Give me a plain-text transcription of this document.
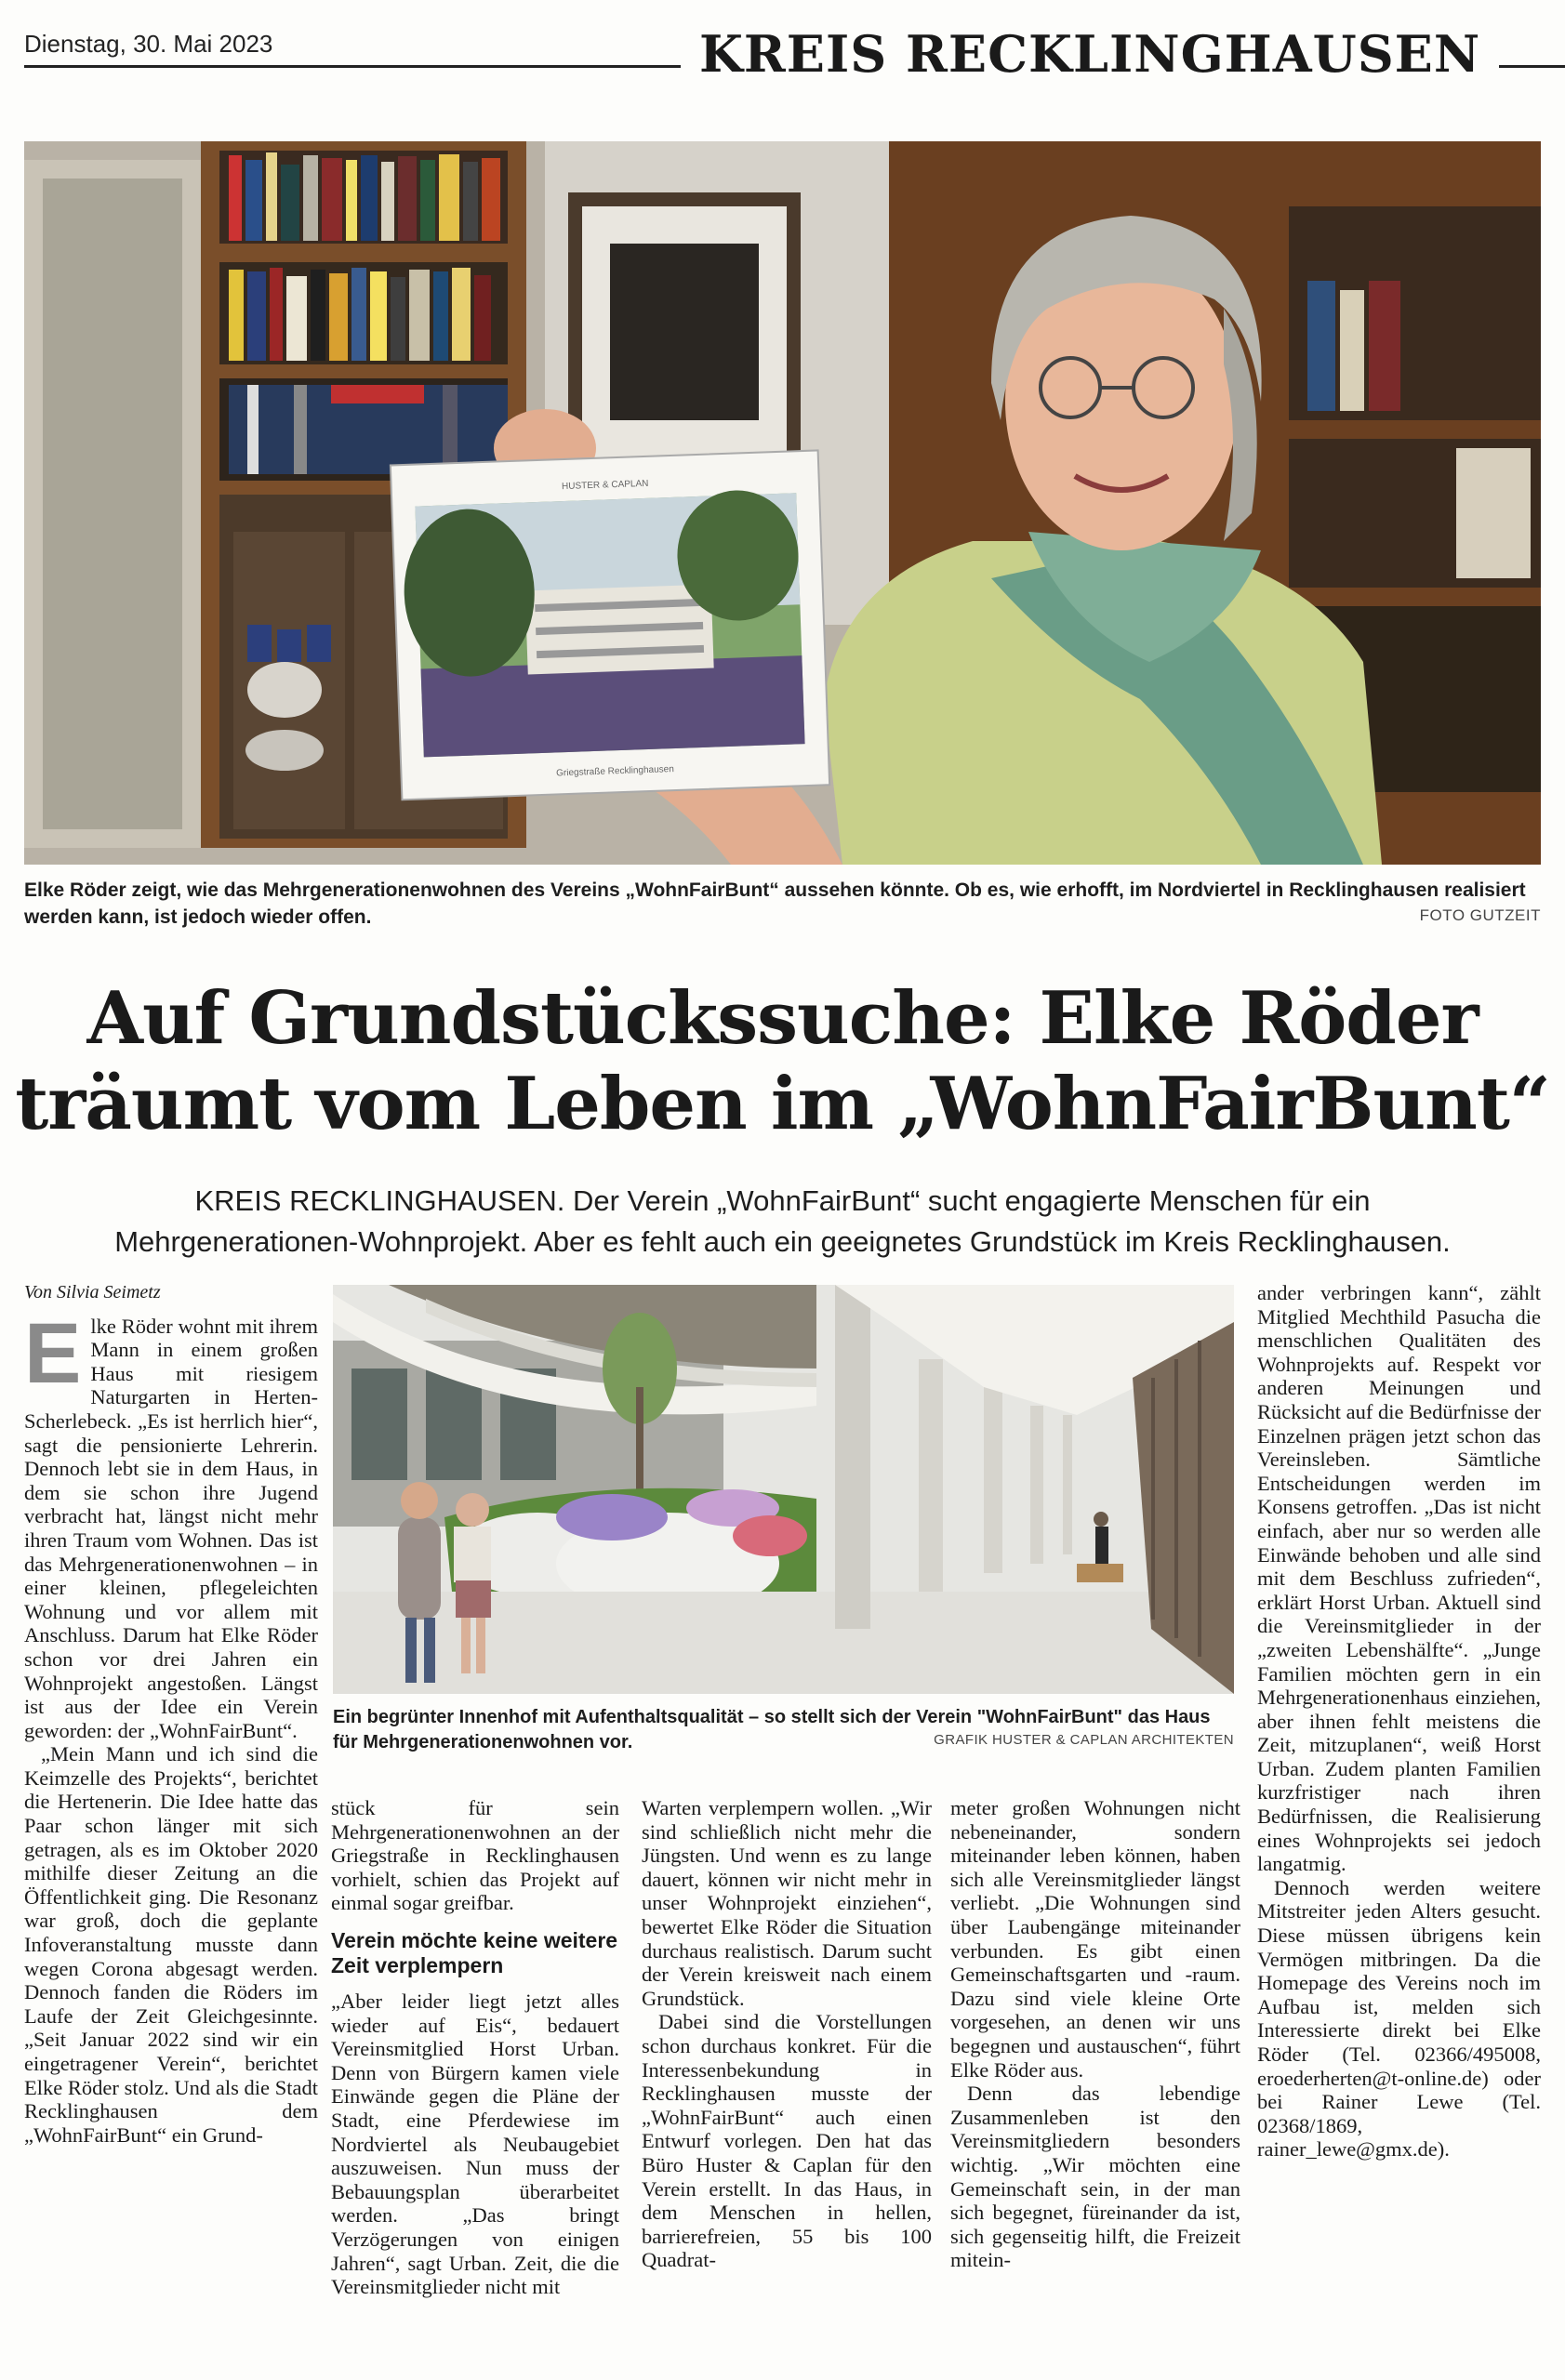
Dienstag, 30. Mai 2023	KREIS RECKLINGHAUSEN
HUSTER & CAPLAN
Griegstraße Recklinghausen
Elke Röder zeigt, wie das Mehrgenerationenwohnen des Vereins „WohnFairBunt“ aussehen könnte. Ob es, wie erhofft, im Nordviertel in Recklinghausen realisiert werden kann, ist jedoch wieder offen.	FOTO GUTZEIT
Auf Grundstückssuche: Elke Röder
träumt vom Leben im „WohnFairBunt“
KREIS RECKLINGHAUSEN. Der Verein „WohnFairBunt“ sucht engagierte Menschen für ein
Mehrgenerationen-Wohnprojekt. Aber es fehlt auch ein geeignetes Grundstück im Kreis Recklinghausen.
Von Silvia Seimetz

Elke Röder wohnt mit ihrem Mann in einem großen Haus mit riesigem Naturgarten in Herten-Scherlebeck. „Es ist herrlich hier“, sagt die pensionierte Lehrerin. Dennoch lebt sie in dem Haus, in dem sie schon ihre Jugend verbracht hat, längst nicht mehr ihren Traum vom Wohnen. Das ist das Mehrgenerationenwohnen – in einer kleinen, pflegeleichten Wohnung und vor allem mit Anschluss. Darum hat Elke Röder schon vor drei Jahren ein Wohnprojekt angestoßen. Längst ist aus der Idee ein Verein geworden: der „WohnFairBunt“.

„Mein Mann und ich sind die Keimzelle des Projekts“, berichtet die Hertenerin. Die Idee hatte das Paar schon länger mit sich getragen, als es im Oktober 2020 mithilfe dieser Zeitung an die Öffentlichkeit ging. Die Resonanz war groß, doch die geplante Infoveranstaltung musste dann wegen Corona abgesagt werden. Dennoch fanden die Röders im Laufe der Zeit Gleichgesinnte. „Seit Januar 2022 sind wir ein eingetragener Verein“, berichtet Elke Röder stolz. Und als die Stadt Recklinghausen dem „WohnFairBunt“ ein Grund-

Ein begrünter Innenhof mit Aufenthaltsqualität – so stellt sich der Verein "WohnFairBunt" das Haus für Mehrgenerationenwohnen vor.	GRAFIK HUSTER & CAPLAN ARCHITEKTEN

stück für sein Mehrgenerationenwohnen an der Griegstraße in Recklinghausen vorhielt, schien das Projekt auf einmal sogar greifbar.

Verein möchte keine weitere Zeit verplempern

„Aber leider liegt jetzt alles wieder auf Eis“, bedauert Vereinsmitglied Horst Urban. Denn von Bürgern kamen viele Einwände gegen die Pläne der Stadt, eine Pferdewiese im Nordviertel als Neubaugebiet auszuweisen. Nun muss der Bebauungsplan überarbeitet werden. „Das bringt Verzögerungen von einigen Jahren“, sagt Urban. Zeit, die die Vereinsmitglieder nicht mit

Warten verplempern wollen. „Wir sind schließlich nicht mehr die Jüngsten. Und wenn es zu lange dauert, können wir nicht mehr in unser Wohnprojekt einziehen“, bewertet Elke Röder die Situation durchaus realistisch. Darum sucht der Verein kreisweit nach einem Grundstück.

Dabei sind die Vorstellungen schon durchaus konkret. Für die Interessenbekundung in Recklinghausen musste der „WohnFairBunt“ auch einen Entwurf vorlegen. Den hat das Büro Huster & Caplan für den Verein erstellt. In das Haus, in dem Menschen in hellen, barrierefreien, 55 bis 100 Quadrat-

meter großen Wohnungen nicht nebeneinander, sondern miteinander leben können, haben sich alle Vereinsmitglieder längst verliebt. „Die Wohnungen sind über Laubengänge miteinander verbunden. Es gibt einen Gemeinschaftsgarten und -raum. Dazu sind viele kleine Orte vorgesehen, an denen wir uns begegnen und austauschen“, führt Elke Röder aus.

Denn das lebendige Zusammenleben ist den Vereinsmitgliedern besonders wichtig. „Wir möchten eine Gemeinschaft sein, in der man sich begegnet, füreinander da ist, sich gegenseitig hilft, die Freizeit mitein-

ander verbringen kann“, zählt Mitglied Mechthild Pasucha die menschlichen Qualitäten des Wohnprojekts auf. Respekt vor anderen Meinungen und Rücksicht auf die Bedürfnisse der Einzelnen prägen jetzt schon das Vereinsleben. Sämtliche Entscheidungen werden im Konsens getroffen. „Das ist nicht einfach, aber nur so werden alle Einwände behoben und alle sind mit dem Beschluss zufrieden“, erklärt Horst Urban. Aktuell sind die Vereinsmitglieder in der „zweiten Lebenshälfte“. „Junge Familien möchten gern in ein Mehrgenerationenhaus einziehen, aber ihnen fehlt meistens die Zeit, mitzuplanen“, weiß Horst Urban. Zudem planten Familien kurzfristiger nach ihren Bedürfnissen, die Realisierung eines Wohnprojekts sei jedoch langatmig.

Dennoch werden weitere Mitstreiter jeden Alters gesucht. Diese müssen übrigens kein Vermögen mitbringen. Da die Homepage des Vereins noch im Aufbau ist, melden sich Interessierte direkt bei Elke Röder (Tel. 02366/495008, eroederherten@t-online.de) oder bei Rainer Lewe (Tel. 02368/1869, rainer_lewe@gmx.de).
